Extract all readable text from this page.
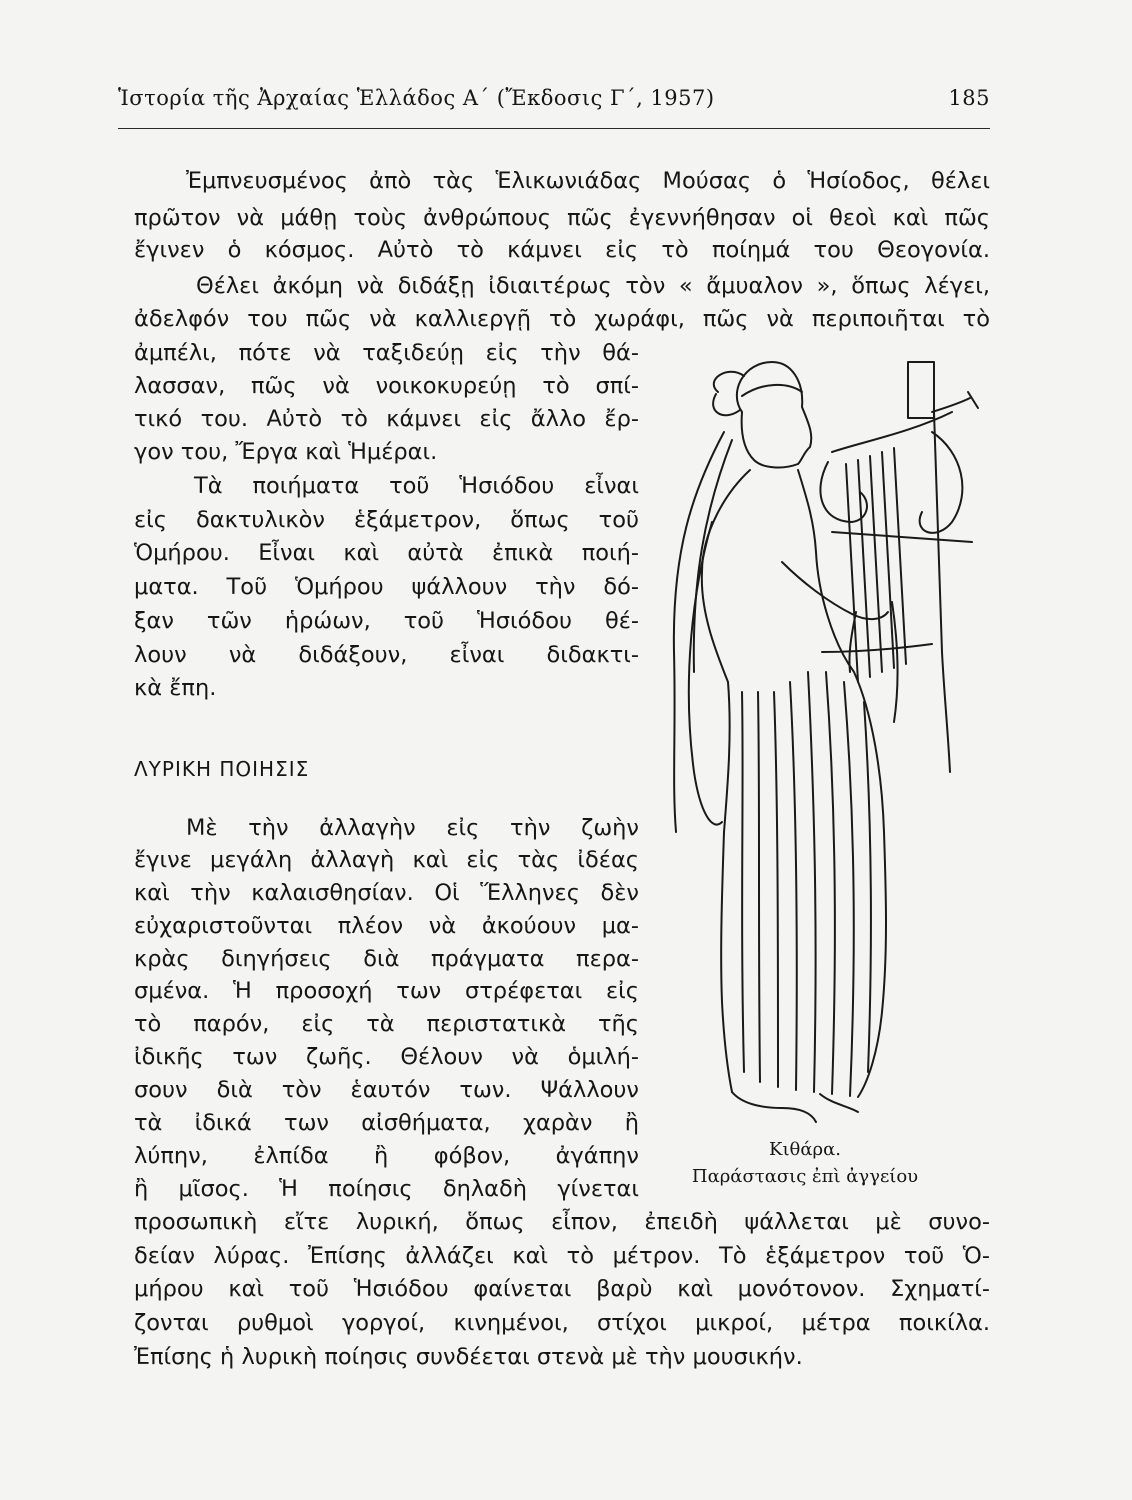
Ἱστορία τῆς Ἀρχαίας Ἑλλάδος Α΄ (Ἔκδοσις Γ΄, 1957)	185
Ἐμπνευσμένος ἀπὸ τὰς Ἑλικωνιάδας Μούσας ὁ Ἡσίοδος, θέλει
πρῶτον νὰ μάθῃ τοὺς ἀνθρώπους πῶς ἐγεννήθησαν οἱ θεοὶ καὶ πῶς
ἔγινεν ὁ κόσμος. Αὐτὸ τὸ κάμνει εἰς τὸ ποίημά του Θεογονία.
Θέλει ἀκόμη νὰ διδάξῃ ἰδιαιτέρως τὸν « ἄμυαλον », ὅπως λέγει,
ἀδελφόν του πῶς νὰ καλλιεργῇ τὸ χωράφι, πῶς νὰ περιποιῆται τὸ
ἀμπέλι, πότε νὰ ταξιδεύῃ εἰς τὴν θά-
λασσαν, πῶς νὰ νοικοκυρεύῃ τὸ σπί-
τικό του. Αὐτὸ τὸ κάμνει εἰς ἄλλο ἔρ-
γον του, Ἔργα καὶ Ἡμέραι.
Τὰ ποιήματα τοῦ Ἡσιόδου εἶναι
εἰς δακτυλικὸν ἑξάμετρον, ὅπως τοῦ
Ὁμήρου. Εἶναι καὶ αὐτὰ ἐπικὰ ποιή-
ματα. Τοῦ Ὁμήρου ψάλλουν τὴν δό-
ξαν τῶν ἡρώων, τοῦ Ἡσιόδου θέ-
λουν νὰ διδάξουν, εἶναι διδακτι-
κὰ ἔπη.
ΛΥΡΙΚΗ ΠΟΙΗΣΙΣ
Μὲ τὴν ἀλλαγὴν εἰς τὴν ζωὴν
ἔγινε μεγάλη ἀλλαγὴ καὶ εἰς τὰς ἰδέας
καὶ τὴν καλαισθησίαν. Οἱ Ἕλληνες δὲν
εὐχαριστοῦνται πλέον νὰ ἀκούουν μα-
κρὰς διηγήσεις διὰ πράγματα περα-
σμένα. Ἡ προσοχή των στρέφεται εἰς
τὸ παρόν, εἰς τὰ περιστατικὰ τῆς
ἰδικῆς των ζωῆς. Θέλουν νὰ ὁμιλή-
σουν διὰ τὸν ἑαυτόν των. Ψάλλουν
τὰ ἰδικά των αἰσθήματα, χαρὰν ἢ
λύπην, ἐλπίδα ἢ φόβον, ἀγάπην
ἢ μῖσος. Ἡ ποίησις δηλαδὴ γίνεται
προσωπικὴ εἴτε λυρική, ὅπως εἶπον, ἐπειδὴ ψάλλεται μὲ συνο-
δείαν λύρας. Ἐπίσης ἀλλάζει καὶ τὸ μέτρον. Τὸ ἑξάμετρον τοῦ Ὁ-
μήρου καὶ τοῦ Ἡσιόδου φαίνεται βαρὺ καὶ μονότονον. Σχηματί-
ζονται ρυθμοὶ γοργοί, κινημένοι, στίχοι μικροί, μέτρα ποικίλα.
Ἐπίσης ἡ λυρικὴ ποίησις συνδέεται στενὰ μὲ τὴν μουσικήν.
Κιθάρα.
Παράστασις ἐπὶ ἀγγείου
